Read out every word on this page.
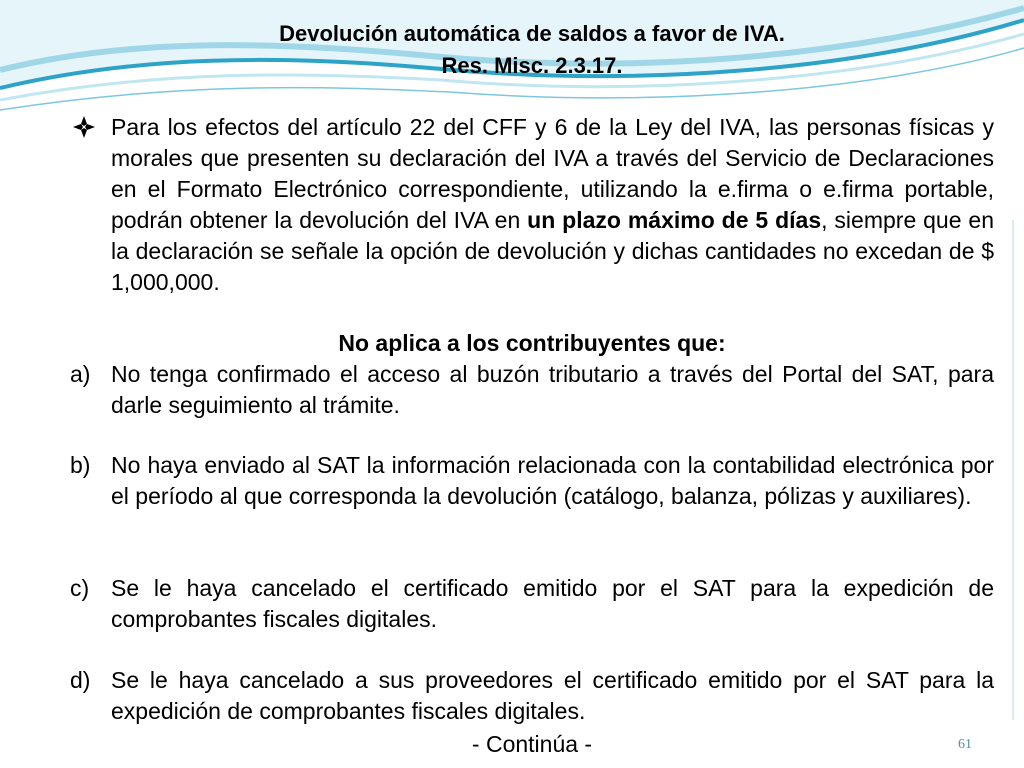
Devolución automática de saldos a favor de IVA.
Res. Misc. 2.3.17.
Para los efectos del artículo 22 del CFF y 6 de la Ley del IVA, las personas físicas y morales que presenten su declaración del IVA a través del Servicio de Declaraciones en el Formato Electrónico correspondiente, utilizando la e.firma o e.firma portable, podrán obtener la devolución del IVA en un plazo máximo de 5 días, siempre que en la declaración se señale la opción de devolución y dichas cantidades no excedan de $ 1,000,000.
No aplica a los contribuyentes que:
a) No tenga confirmado el acceso al buzón tributario a través del Portal del SAT, para darle seguimiento al trámite.
b) No haya enviado al SAT la información relacionada con la contabilidad electrónica por el período al que corresponda la devolución (catálogo, balanza, pólizas y auxiliares).
c) Se le haya cancelado el certificado emitido por el SAT para la expedición de comprobantes fiscales digitales.
d) Se le haya cancelado a sus proveedores el certificado emitido por el SAT para la expedición de comprobantes fiscales digitales.
- Continúa -	61
